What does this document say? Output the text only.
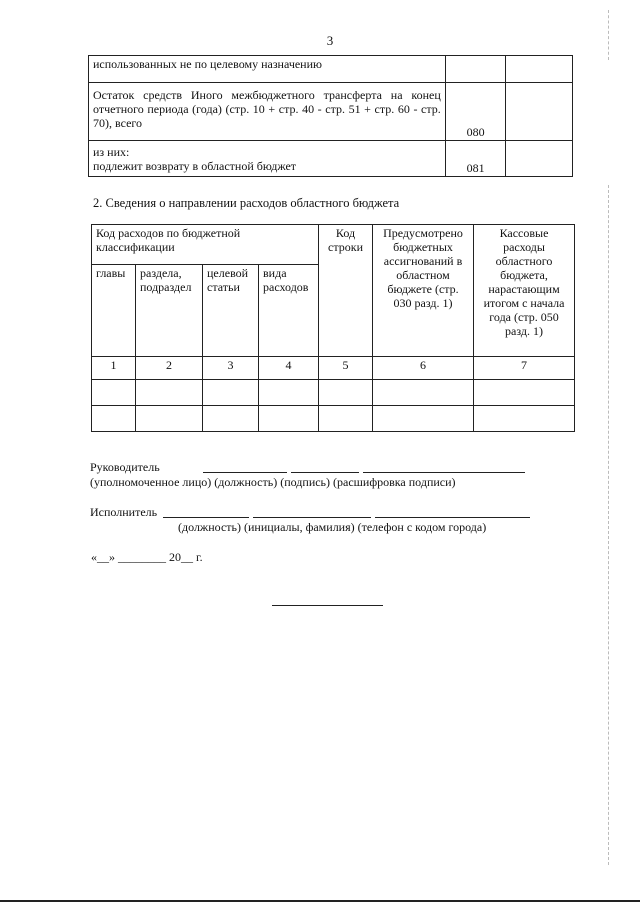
3
использованных не по целевому назначению		
Остаток средств Иного межбюджетного трансферта на конец отчетного периода (года) (стр. 10 + стр. 40 - стр. 51 + стр. 60 - стр. 70), всего	080	
из них:
подлежит возврату в областной бюджет	081	
2. Сведения о направлении расходов областного бюджета
Код расходов по бюджетной классификации				Код строки	Предусмотрено бюджетных ассигнований в областном бюджете (стр. 030 разд. 1)	Кассовые расходы областного бюджета, нарастающим итогом с начала года (стр. 050 разд. 1)
главы	раздела, подраздел	целевой статьи	вида расходов			
1	2	3	4	5	6	7

Руководитель
(уполномоченное лицо) (должность) (подпись) (расшифровка подписи)
Исполнитель
(должность) (инициалы, фамилия) (телефон с кодом города)
«__» ________ 20__ г.
